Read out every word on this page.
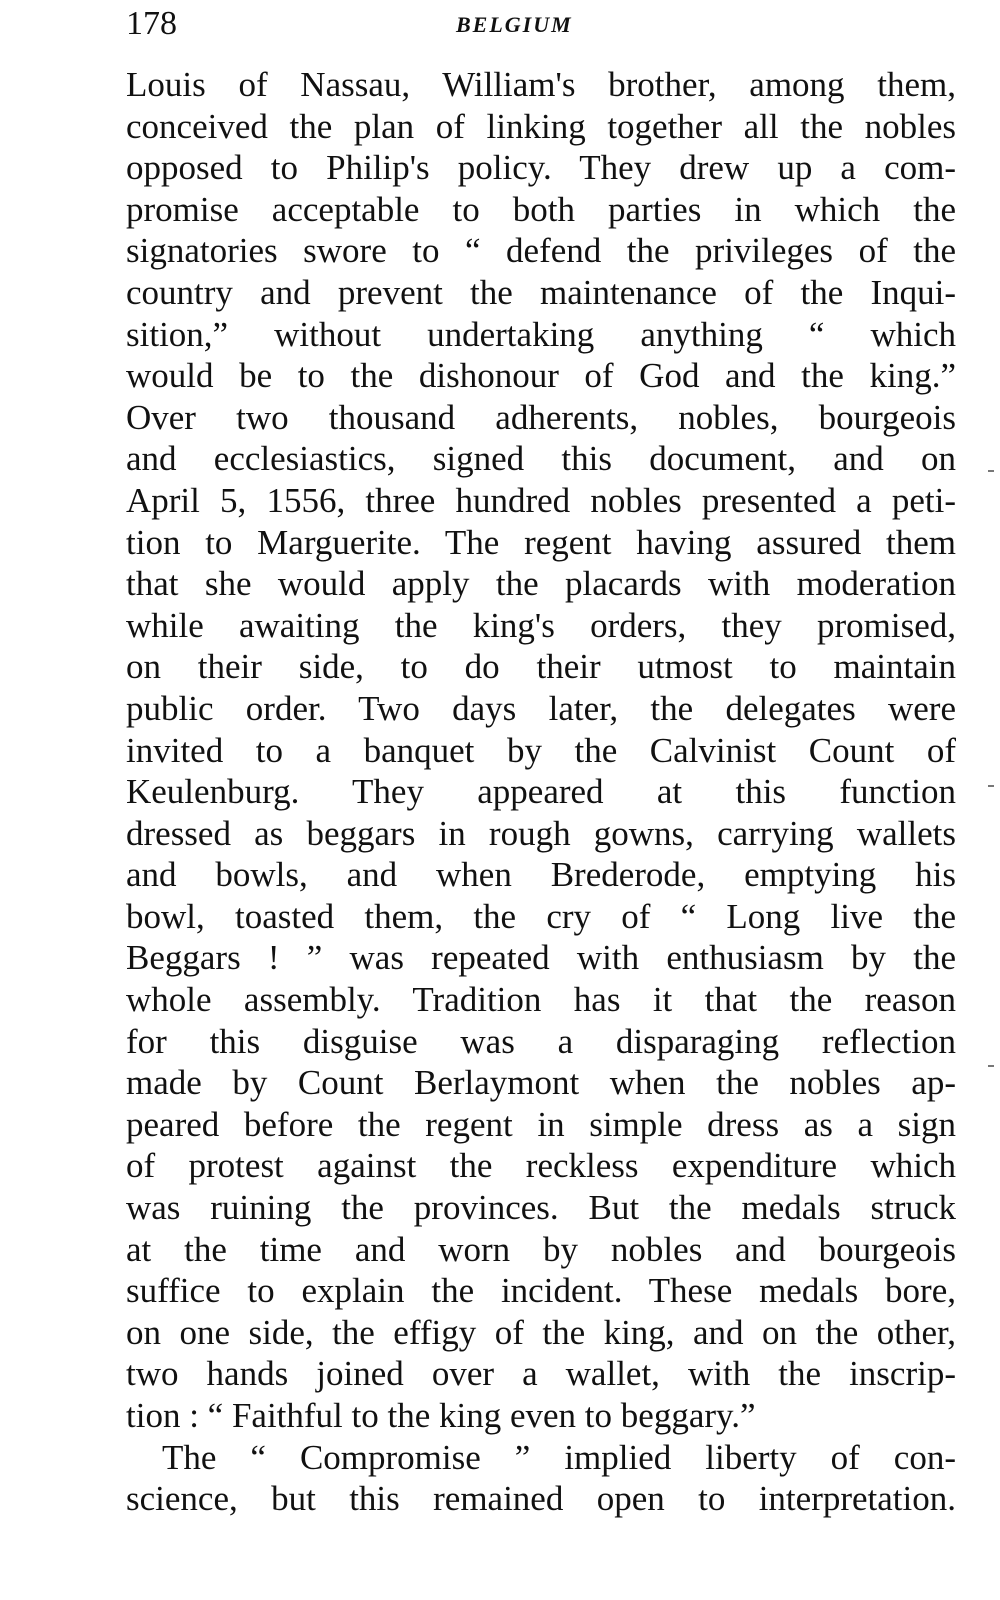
178	BELGIUM
Louis of Nassau, William's brother, among them,
conceived the plan of linking together all the nobles
opposed to Philip's policy. They drew up a com-
promise acceptable to both parties in which the
signatories swore to “ defend the privileges of the
country and prevent the maintenance of the Inqui-
sition,” without undertaking anything “ which
would be to the dishonour of God and the king.”
Over two thousand adherents, nobles, bourgeois
and ecclesiastics, signed this document, and on
April 5, 1556, three hundred nobles presented a peti-
tion to Marguerite. The regent having assured them
that she would apply the placards with moderation
while awaiting the king's orders, they promised,
on their side, to do their utmost to maintain
public order. Two days later, the delegates were
invited to a banquet by the Calvinist Count of
Keulenburg. They appeared at this function
dressed as beggars in rough gowns, carrying wallets
and bowls, and when Brederode, emptying his
bowl, toasted them, the cry of “ Long live the
Beggars ! ” was repeated with enthusiasm by the
whole assembly. Tradition has it that the reason
for this disguise was a disparaging reflection
made by Count Berlaymont when the nobles ap-
peared before the regent in simple dress as a sign
of protest against the reckless expenditure which
was ruining the provinces. But the medals struck
at the time and worn by nobles and bourgeois
suffice to explain the incident. These medals bore,
on one side, the effigy of the king, and on the other,
two hands joined over a wallet, with the inscrip-
tion : “ Faithful to the king even to beggary.”
The “ Compromise ” implied liberty of con-
science, but this remained open to interpretation.
